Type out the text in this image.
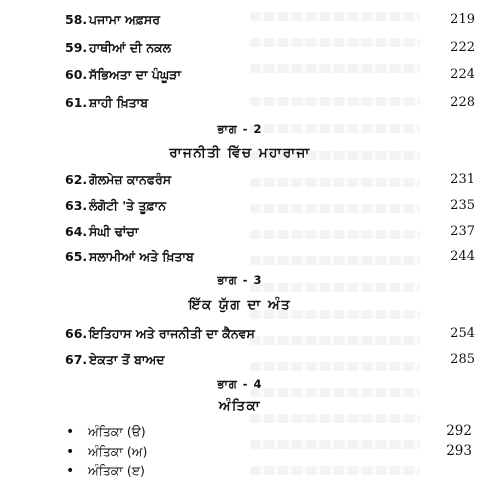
58. ਪਜਾਮਾ ਅਫ਼ਸਰ	219
59. ਹਾਥੀਆਂ ਦੀ ਨਕਲ	222
60. ਸੱਭਿਅਤਾ ਦਾ ਪੰਘੂੜਾ	224
61. ਸ਼ਾਹੀ ਖ਼ਿਤਾਬ	228
ਭਾਗ - 2
ਰਾਜਨੀਤੀ ਵਿੱਚ ਮਹਾਰਾਜਾ
62. ਗੋਲਮੇਜ਼ ਕਾਨਫਰੰਸ	231
63. ਲੰਗੋਟੀ 'ਤੇ ਤੂਫ਼ਾਨ	235
64. ਸੰਘੀ ਢਾਂਚਾ	237
65. ਸਲਾਮੀਆਂ ਅਤੇ ਖ਼ਿਤਾਬ	244
ਭਾਗ - 3
ਇੱਕ ਯੁੱਗ ਦਾ ਅੰਤ
66. ਇਤਿਹਾਸ ਅਤੇ ਰਾਜਨੀਤੀ ਦਾ ਕੈਨਵਸ	254
67. ਏਕਤਾ ਤੋਂ ਬਾਅਦ	285
ਭਾਗ - 4
ਅੰਤਿਕਾ
• ਅੰਤਿਕਾ (ੳ)	292
• ਅੰਤਿਕਾ (ਅ)	293
• ਅੰਤਿਕਾ (ੲ)
